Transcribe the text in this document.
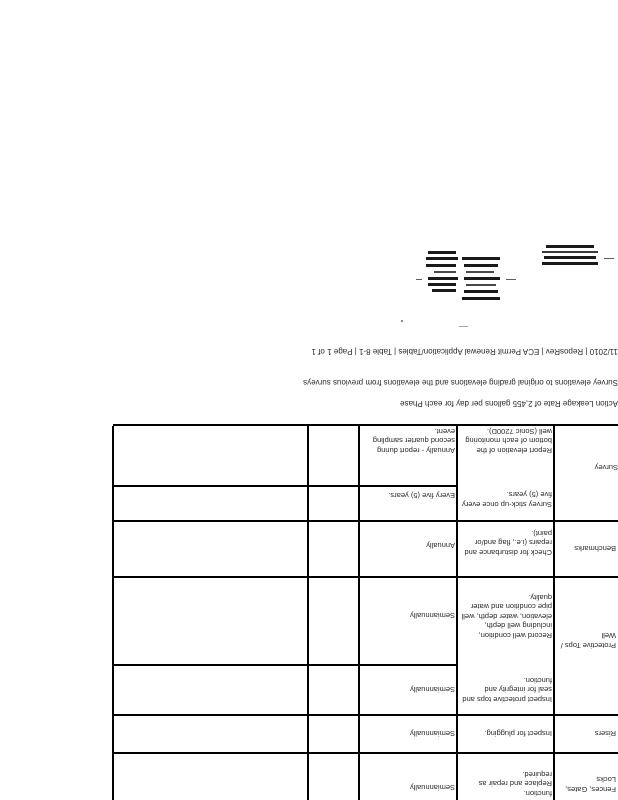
11/2010 | ReposRev | ECA Permit Renewal Application/Tables | Table 8-1 | Page 1 of 1
Survey elevations to original grading elevations and the elevations from previous surveys
Action Leakage Rate of 2,455 gallons per day for each Phase
Survey
Report elevation of the
bottom of each monitoring
well (Sonic 7200D).
Annually - report during
second quarter sampling
event.
Survey stick-up once every
five (5) years.
Every five (5) years.
Benchmarks
Check for disturbance and
repairs (i.e., flag and/or
paint).
Annually
Protective Tops / Well
Record well condition,
including well depth,
elevation, water depth, well
pipe condition and water
quality.
Semiannually
Inspect protective tops and
seal for integrity and function.
Semiannually
Risers
Inspect for plugging.
Semiannually
Fences, Gates, Locks
function.
Replace and repair as
required.
Semiannually
